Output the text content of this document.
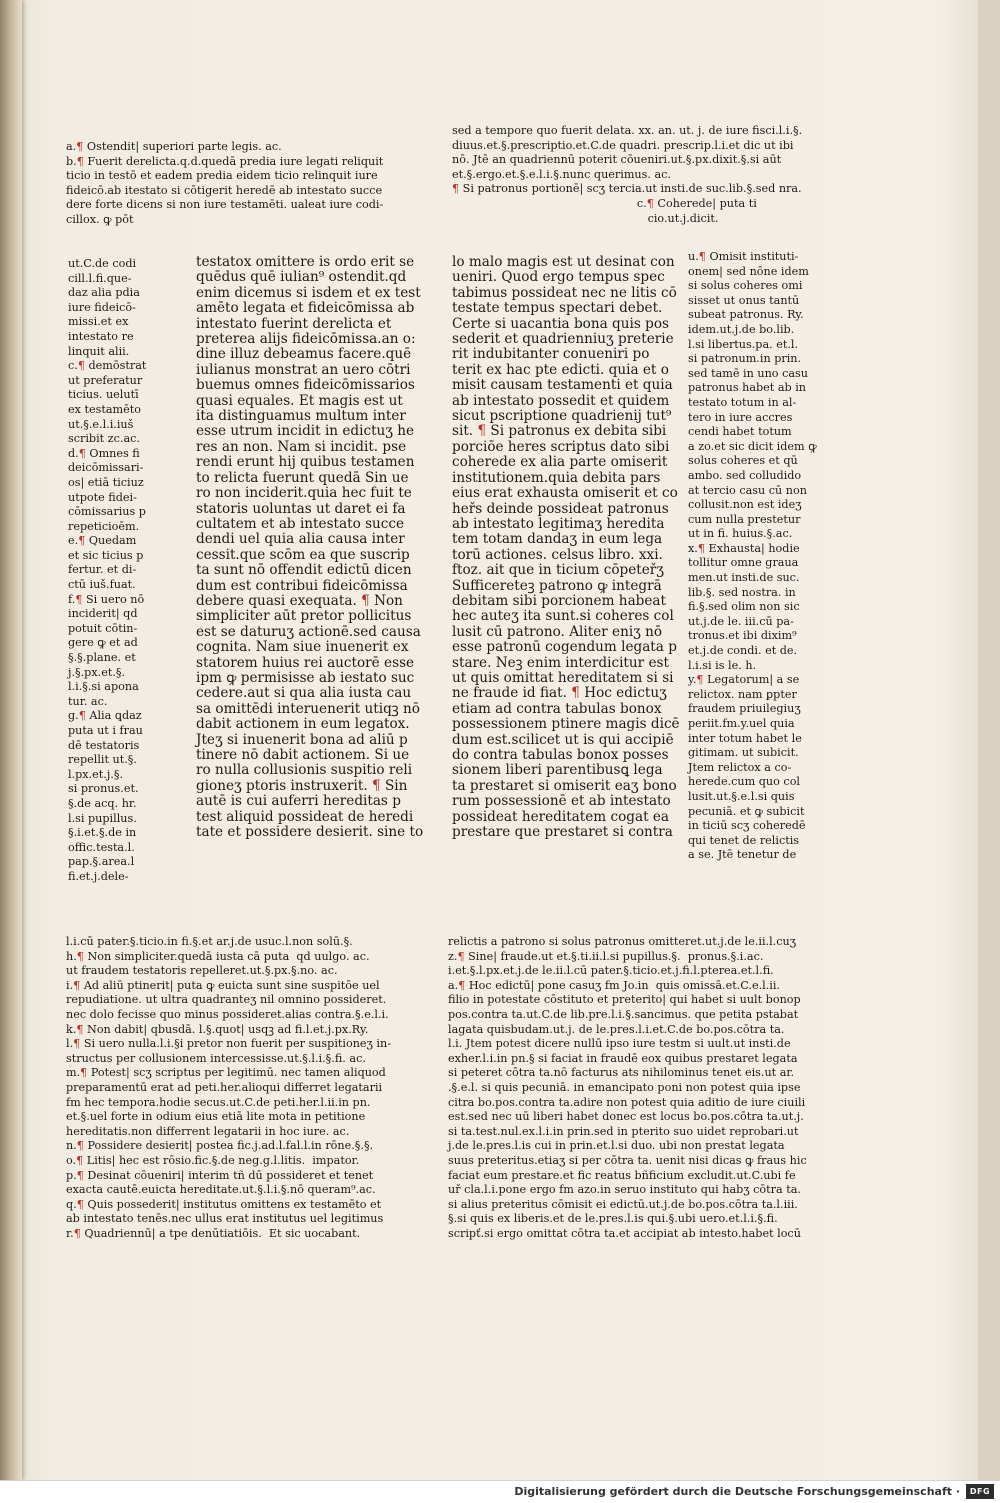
a.¶ Ostendit| superiori parte legis. ac.
b.¶ Fuerit derelicta.q.d.quedā predia iure legati reliquit
ticio in testō et eadem predia eidem ticio relinquit iure
fideicō.ab itestato si cōtigerit heredē ab intestato succe
dere forte dicens si non iure testamēti. ualeat iure codi-
cillox. ꝙ pōt
sed a tempore quo fuerit delata. xx. an. ut. j. de iure fisci.l.i.§.
diuus.et.§.prescriptio.et.C.de quadri. prescrip.l.i.et dic ut ibi
nō. Jtē an quadriennū poterit cōueniri.ut.§.px.dixit.§.si aūt
et.§.ergo.et.§.e.l.i.§.nunc querimus. ac.
¶ Si patronus portionē| scʒ tercia.ut insti.de suc.lib.§.sed nra.
c.¶ Coherede| puta ti
cio.ut.j.dicit.
ut.C.de codi
cill.l.fi.que-
daz alia pdia
iure fideicō-
missi.et ex
intestato re
linquit alii.
c.¶ demōstrat
ut preferatur
ticius. uelutī
ex testamēto
ut.§.e.l.i.iuš
scribit zc.ac.
d.¶ Omnes fi
deicōmissari-
os| etiā ticiuz
utpote fidei-
cōmissarius p
repeticioēm.
e.¶ Quedam
et sic ticius p
fertur. et di-
ctū iuš.fuat.
f.¶ Si uero nō
inciderit| qd
potuit cōtin-
gere ꝙ et ad
§.§.plane. et
j.§.px.et.§.
l.i.§.si apona
tur. ac.
g.¶ Alia ꝗdaz
puta ut i frau
dē testatoris
repellit ut.§.
l.px.et.j.§.
si pronus.et.
§.de acq. hr.
l.si pupillus.
§.i.et.§.de in
offic.testa.l.
pap.§.area.l
fi.et.j.dele-
testatox omittere is ordo erit se
quēdus quē iulian⁹ ostendit.qd
enim dicemus si isdem et ex test
amēto legata et fideicōmissa ab
intestato fuerint derelicta et
preterea alijs fideicōmissa.an o:
dine illuz debeamus facere.quē
iulianus monstrat an uero cōtri
buemus omnes fideicōmissarios
quasi equales. Et magis est ut
ita distinguamus multum inter
esse utrum incidit in edictuʒ he
res an non. Nam si incidit. pse
rendi erunt hij quibus testamen
to relicta fuerunt quedā Sin ue
ro non inciderit.quia hec fuit te
statoris uoluntas ut daret ei fa
cultatem et ab intestato succe
dendi uel quia alia causa inter
cessit.que scōm ea que suscrip
ta sunt nō offendit edictū dicen
dum est contribui fideicōmissa
debere quasi exequata. ¶ Non
simpliciter aūt pretor pollicitus
est se daturuʒ actionē.sed causa
cognita. Nam siue inuenerit ex
statorem huius rei auctorē esse
ipm ꝙ permisisse ab iestato suc
cedere.aut si qua alia iusta cau
sa omittēdi interuenerit utiqꝫ nō
dabit actionem in eum legatox.
Jteʒ si inuenerit bona ad aliū p
tinere nō dabit actionem. Si ue
ro nulla collusionis suspitio reli
gioneʒ ptoris instruxerit. ¶ Sin
autē is cui auferri hereditas p
test aliquid possideat de heredi
tate et possidere desierit. sine to
lo malo magis est ut desinat con
ueniri. Quod ergo tempus spec
tabimus possideat nec ne litis cō
testate tempus spectari debet.
Certe si uacantia bona quis pos
sederit et quadrienniuʒ preterie
rit indubitanter conueniri po
terit ex hac pte edicti. quia et o
misit causam testamenti et quia
ab intestato possedit et quidem
sicut pscriptione quadrienij tut⁹
sit. ¶ Si patronus ex debita sibi
porciōe heres scriptus dato sibi
coherede ex alia parte omiserit
institutionem.quia debita pars
eius erat exhausta omiserit et co
heřs deinde possideat patronus
ab intestato legitimaʒ heredita
tem totam dandaʒ in eum lega
torū actiones. celsus libro. xxi.
ftoz. ait que in ticium cōpeteřʒ
Sufficereteꝫ patrono ꝙ integrā
debitam sibi porcionem habeat
hec auteʒ ita sunt.si coheres col
lusit cū patrono. Aliter eniʒ nō
esse patronū cogendum legata p
stare. Neꝫ enim interdicitur est
ut quis omittat hereditatem si si
ne fraude id fiat. ¶ Hoc edictuʒ
etiam ad contra tabulas bonox
possessionem ptinere magis dicē
dum est.scilicet ut is qui accipiē
do contra tabulas bonox posses
sionem liberi parentibusꝗ lega
ta prestaret si omiserit eaʒ bono
rum possessionē et ab intestato
possideat hereditatem cogat ea
prestare que prestaret si contra
u.¶ Omisit instituti-
onem| sed nōne idem
si solus coheres omi
sisset ut onus tantū
subeat patronus. Ry.
idem.ut.j.de bo.lib.
l.si libertus.pa. et.l.
si patronum.in prin.
sed tamē in uno casu
patronus habet ab in
testato totum in al-
tero in iure accres
cendi habet totum
a zo.et sic dicit idem ꝙ
solus coheres et qū
ambo. sed colludido
at tercio casu cū non
collusit.non est ideʒ
cum nulla prestetur
ut in fi. huius.§.ac.
x.¶ Exhausta| hodie
tollitur omne graua
men.ut insti.de suc.
lib.§. sed nostra. in
fi.§.sed olim non sic
ut.j.de le. iii.cū pa-
tronus.et ibi dixim⁹
et.j.de condi. et de.
l.i.si is le. h.
y.¶ Legatorum| a se
relictox. nam ꝑpter
fraudem priuilegiuʒ
periit.fm.y.uel quia
inter totum habet le
gitimam. ut subicit.
Jtem relictox a co-
herede.cum quo col
lusit.ut.§.e.l.si quis
pecuniā. et ꝙ subicit
in ticiū scʒ coheredē
qui tenet de relictis
a se. Jtē tenetur de
l.i.cū pater.§.ticio.in fi.§.et ar.j.de usuc.l.non solū.§.
h.¶ Non simpliciter.quedā iusta cā puta  qd uulgo. ac.
ut fraudem testatoris repelleret.ut.§.px.§.no. ac.
i.¶ Ad aliū ptinerit| puta ꝙ euicta sunt sine suspitōe uel
repudiatione. ut ultra quadranteʒ nil omnino possideret.
nec dolo fecisse quo minus possideret.alias contra.§.e.l.i.
k.¶ Non dabit| qbusdā. l.§.quot| usqꝫ ad fi.l.et.j.px.Ry.
l.¶ Si uero nulla.l.i.§i pretor non fuerit per suspitioneʒ in-
structus per collusionem intercessisse.ut.§.l.i.§.fi. ac.
m.¶ Potest| scʒ scriptus per legitimū. nec tamen aliquod
preparamentū erat ad peti.her.alioqui differret legatarii
fm hec tempora.hodie secus.ut.C.de peti.her.l.ii.in pn.
et.§.uel forte in odium eius etiā lite mota in petitione
hereditatis.non differrent legatarii in hoc iure. ac.
n.¶ Possidere desierit| postea fic.j.ad.l.fal.l.in rōne.§.§.
o.¶ Litis| hec est rōsio.fic.§.de neg.g.l.litis.  impator.
p.¶ Desinat cōueniri| interim tñ dū possideret et tenet
exacta cautē.euicta hereditate.ut.§.l.i.§.nō queram⁹.ac.
q.¶ Quis possederit| institutus omittens ex testamēto et
ab intestato tenēs.nec ullus erat institutus uel legitimus
r.¶ Quadriennū| a tpe denūtiatiōis.  Et sic uocabant.
relictis a patrono si solus patronus omitteret.ut.j.de le.ii.l.cuʒ
z.¶ Sine| fraude.ut et.§.ti.ii.l.si pupillus.§.  pronus.§.i.ac.
i.et.§.l.px.et.j.de le.ii.l.cū pater.§.ticio.et.j.fi.l.pterea.et.l.fi.
a.¶ Hoc edictū| pone casuʒ fm Jo.in  quis omissā.et.C.e.l.ii.
filio in potestate cōstituto et preterito| qui habet si uult bonop
pos.contra ta.ut.C.de lib.pre.l.i.§.sancimus. que petita pstabat
lagata quisbudam.ut.j. de le.pres.l.i.et.C.de bo.pos.cōtra ta.
l.i. Jtem potest dicere nullū ipso iure testm si uult.ut insti.de
exher.l.i.in pn.§ si faciat in fraudē eox quibus prestaret legata
si peteret cōtra ta.nō facturus ats nihilominus tenet eis.ut ar.
.§.e.l. si quis pecuniā. in emancipato poni non potest quia ipse
citra bo.pos.contra ta.adire non potest quia aditio de iure ciuili
est.sed nec uū liberi habet donec est locus bo.pos.cōtra ta.ut.j.
si ta.test.nul.ex.l.i.in prin.sed in pterito suo uidet reprobari.ut
j.de le.pres.l.is cui in prin.et.l.si duo. ubi non prestat legata
suus preteritus.etiaʒ si per cōtra ta. uenit nisi dicas ꝙ fraus hic
faciat eum prestare.et fic reatus bñficium excludit.ut.C.ubi fe
uř cla.l.i.pone ergo fm azo.in seruo instituto qui habʒ cōtra ta.
si alius preteritus cōmisit ei edictū.ut.j.de bo.pos.cōtra ta.l.iii.
§.si quis ex liberis.et de le.pres.l.is qui.§.ubi uero.et.l.i.§.fi.
scripť.si ergo omittat cōtra ta.et accipiat ab intesto.habet locū
Digitalisierung gefördert durch die Deutsche Forschungsgemeinschaft ·	DFG
